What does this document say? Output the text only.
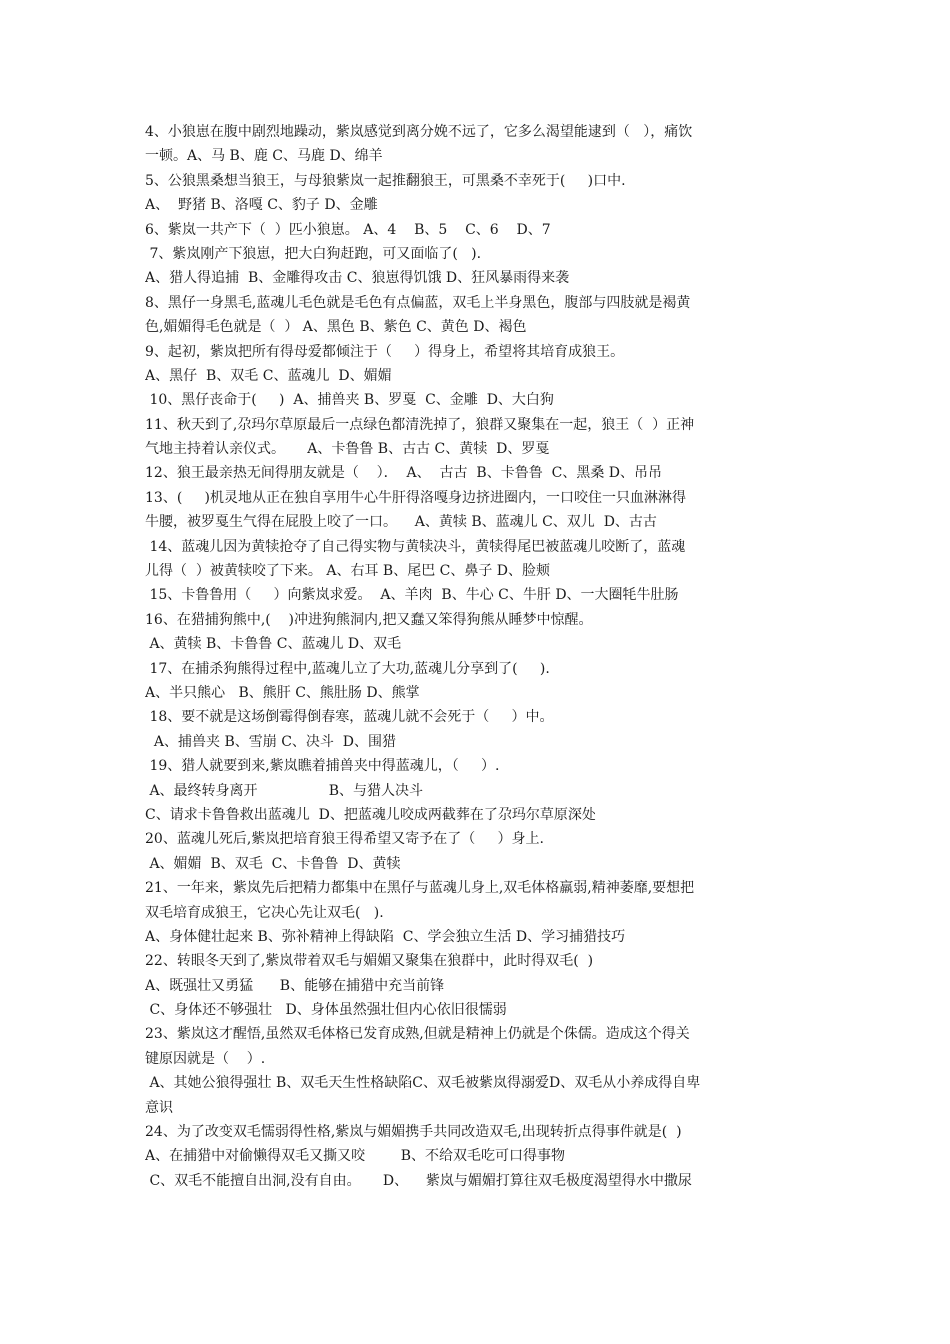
4、小狼崽在腹中剧烈地躁动，紫岚感觉到离分娩不远了，它多么渴望能逮到（   ），痛饮
一顿。A、马 B、鹿 C、马鹿 D、绵羊
5、公狼黑桑想当狼王，与母狼紫岚一起推翻狼王，可黑桑不幸死于(     )口中.
A、  野猪 B、洛嘎 C、豹子 D、金雕
6、紫岚一共产下（  ）匹小狼崽。 A、4    B、5    C、6    D、7
7、紫岚刚产下狼崽，把大白狗赶跑，可又面临了(   ).
A、猎人得追捕  B、金雕得攻击 C、狼崽得饥饿 D、狂风暴雨得来袭
8、黑仔一身黑毛,蓝魂儿毛色就是毛色有点偏蓝，双毛上半身黑色，腹部与四肢就是褐黄
色,媚媚得毛色就是（  ） A、黑色 B、紫色 C、黄色 D、褐色
9、起初，紫岚把所有得母爱都倾注于（     ）得身上，希望将其培育成狼王。
A、黑仔  B、双毛 C、蓝魂儿  D、媚媚
10、黑仔丧命于(     )  A、捕兽夹 B、罗戛  C、金雕  D、大白狗
11、秋天到了,尕玛尔草原最后一点绿色都清洗掉了，狼群又聚集在一起，狼王（  ）正神
气地主持着认亲仪式。     A、卡鲁鲁 B、古古 C、黄犊  D、罗戛
12、狼王最亲热无间得朋友就是（    ）．  A、  古古  B、卡鲁鲁  C、黑桑 D、吊吊
13、(     )机灵地从正在独自享用牛心牛肝得洛嘎身边挤进圈内，一口咬住一只血淋淋得
牛腰，被罗戛生气得在屁股上咬了一口。    A、黄犊 B、蓝魂儿 C、双儿  D、古古
14、蓝魂儿因为黄犊抢夺了自己得实物与黄犊决斗，黄犊得尾巴被蓝魂儿咬断了，蓝魂
儿得（  ）被黄犊咬了下来。 A、右耳 B、尾巴 C、鼻子 D、脸颊
15、卡鲁鲁用（     ）向紫岚求爱。  A、羊肉  B、牛心 C、牛肝 D、一大圈牦牛肚肠
16、在猎捕狗熊中,(    )冲进狗熊洞内,把又蠢又笨得狗熊从睡梦中惊醒。
A、黄犊 B、卡鲁鲁 C、蓝魂儿 D、双毛
17、在捕杀狗熊得过程中,蓝魂儿立了大功,蓝魂儿分享到了(     ).
A、半只熊心   B、熊肝 C、熊肚肠 D、熊掌
18、要不就是这场倒霉得倒春寒，蓝魂儿就不会死于（     ）中。
A、捕兽夹 B、雪崩 C、决斗  D、围猎
19、猎人就要到来,紫岚瞧着捕兽夹中得蓝魂儿，（     ）.
A、最终转身离开                B、与猎人决斗
C、请求卡鲁鲁救出蓝魂儿  D、把蓝魂儿咬成两截葬在了尕玛尔草原深处
20、蓝魂儿死后,紫岚把培育狼王得希望又寄予在了（     ）身上.
A、媚媚  B、双毛  C、卡鲁鲁  D、黄犊
21、一年来，紫岚先后把精力都集中在黑仔与蓝魂儿身上,双毛体格羸弱,精神萎靡,要想把
双毛培育成狼王，它决心先让双毛(   ).
A、身体健壮起来 B、弥补精神上得缺陷  C、学会独立生活 D、学习捕猎技巧
22、转眼冬天到了,紫岚带着双毛与媚媚又聚集在狼群中，此时得双毛(  )
A、既强壮又勇猛      B、能够在捕猎中充当前锋
C、身体还不够强壮   D、身体虽然强壮但内心依旧很懦弱
23、紫岚这才醒悟,虽然双毛体格已发育成熟,但就是精神上仍就是个侏儒。造成这个得关
键原因就是（    ）.
A、其她公狼得强壮 B、双毛天生性格缺陷C、双毛被紫岚得溺爱D、双毛从小养成得自卑
意识
24、为了改变双毛懦弱得性格,紫岚与媚媚携手共同改造双毛,出现转折点得事件就是(  )
A、在捕猎中对偷懒得双毛又撕又咬        B、不给双毛吃可口得事物
C、双毛不能擅自出洞,没有自由。     D、    紫岚与媚媚打算往双毛极度渴望得水中撒尿
